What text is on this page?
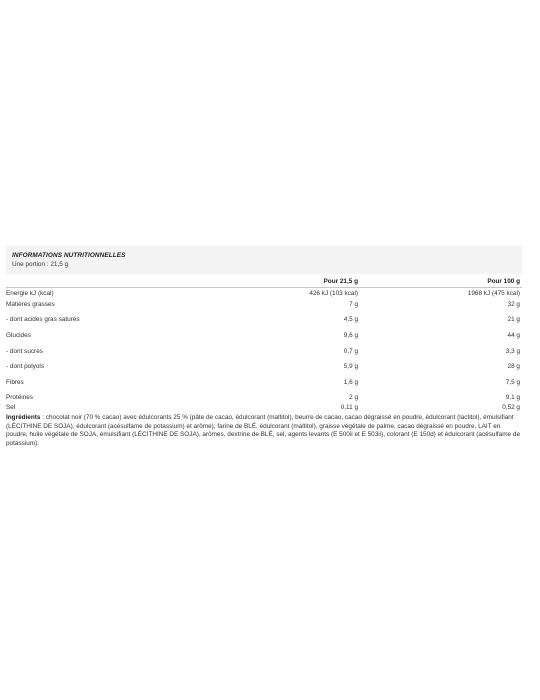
INFORMATIONS NUTRITIONNELLES
Une portion : 21,5 g
Pour 21,5 g	Pour 100 g
Energie kJ (kcal)	426 kJ (103 kcal)	1968 kJ (475 kcal)
Matières grasses	7 g	32 g
- dont acides gras saturés	4,5 g	21 g
Glucides	9,6 g	44 g
- dont sucres	0,7 g	3,3 g
- dont polyols	5,9 g	28 g
Fibres	1,6 g	7,5 g
Protéines	2 g	9,1 g
Sel	0,11 g	0,52 g
Ingrédients : chocolat noir (70 % cacao) avec édulcorants 25 % (pâte de cacao, édulcorant (maltitol), beurre de cacao, cacao dégraissé en poudre, édulcorant (lactitol), émulsifiant (LÉCITHINE DE SOJA), édulcorant (acésulfame de potassium) et arôme), farine de BLÉ, édulcorant (maltitol), graisse végétale de palme, cacao dégraissé en poudre, LAIT en poudre, huile végétale de SOJA, émulsifiant (LÉCITHINE DE SOJA), arômes, dextrine de BLÉ, sel, agents levants (E 500ii et E 503ii), colorant (E 150d) et édulcorant (acésulfame de potassium).
